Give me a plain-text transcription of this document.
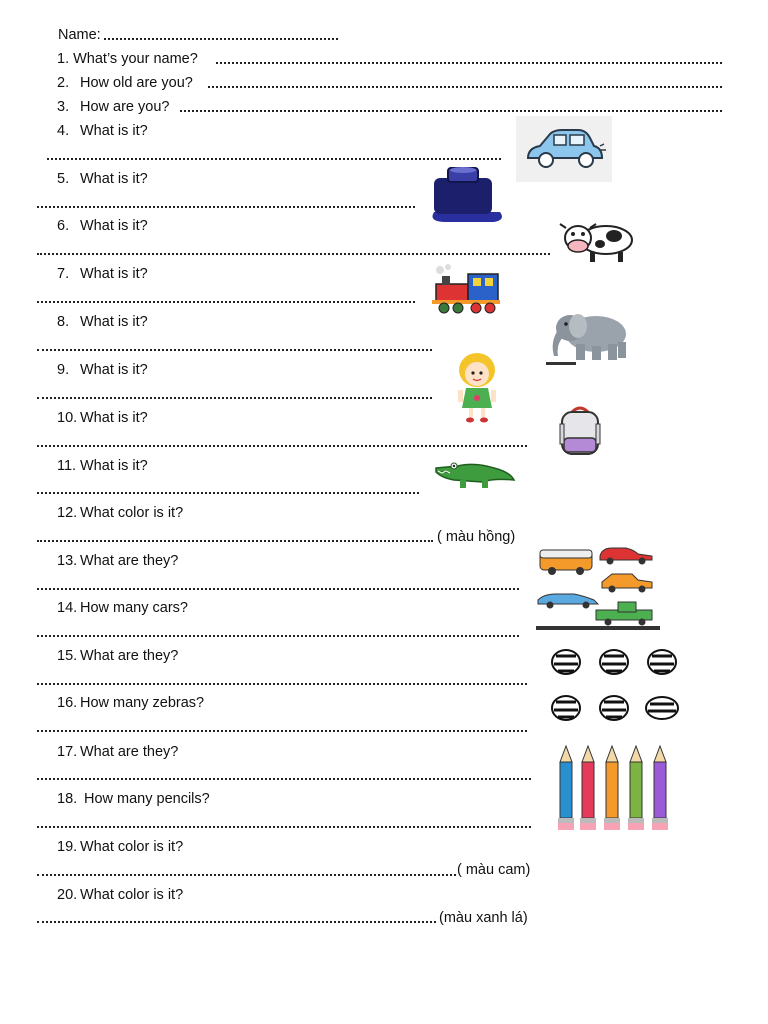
Name:
1. What’s your name?
2. How old are you?
3. How are you?
4. What is it?
5. What is it?
6. What is it?
7. What is it?
8. What is it?
9. What is it?
10. What is it?
11. What is it?
12. What color is it?
( màu hồng)
13. What are they?
14. How many cars?
15. What are they?
16. How many zebras?
17. What are they?
18. How many pencils?
19. What color is it?
( màu cam)
20. What color is it?
(màu xanh lá)
